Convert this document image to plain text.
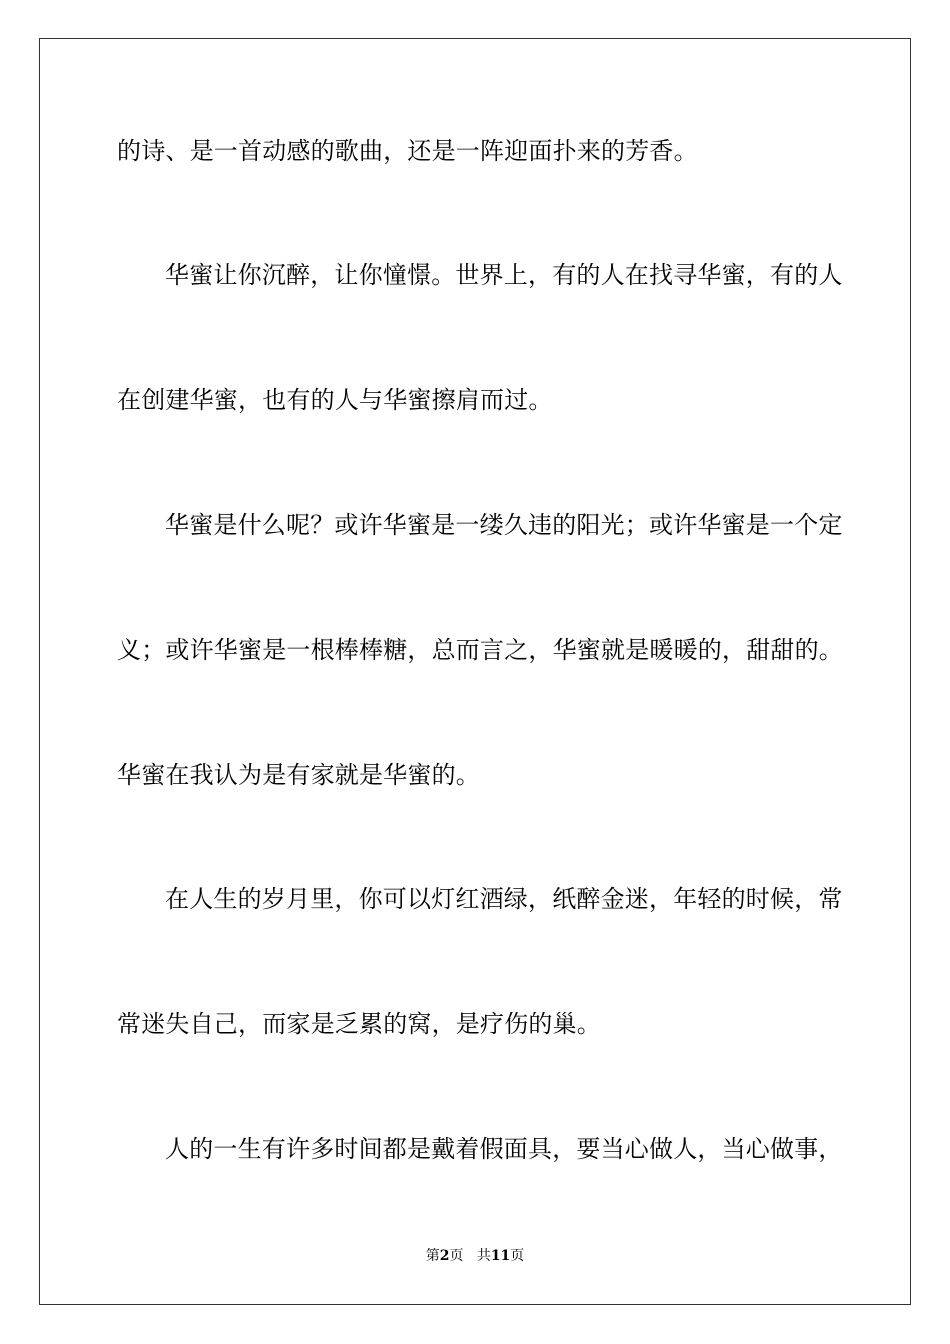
的诗、是一首动感的歌曲，还是一阵迎面扑来的芳香。
华蜜让你沉醉，让你憧憬。世界上，有的人在找寻华蜜，有的人
在创建华蜜，也有的人与华蜜擦肩而过。
华蜜是什么呢？或许华蜜是一缕久违的阳光；或许华蜜是一个定
义；或许华蜜是一根棒棒糖，总而言之，华蜜就是暖暖的，甜甜的。
华蜜在我认为是有家就是华蜜的。
在人生的岁月里，你可以灯红酒绿，纸醉金迷，年轻的时候，常
常迷失自己，而家是乏累的窝，是疗伤的巢。
人的一生有许多时间都是戴着假面具，要当心做人，当心做事，
第2页 共11页
